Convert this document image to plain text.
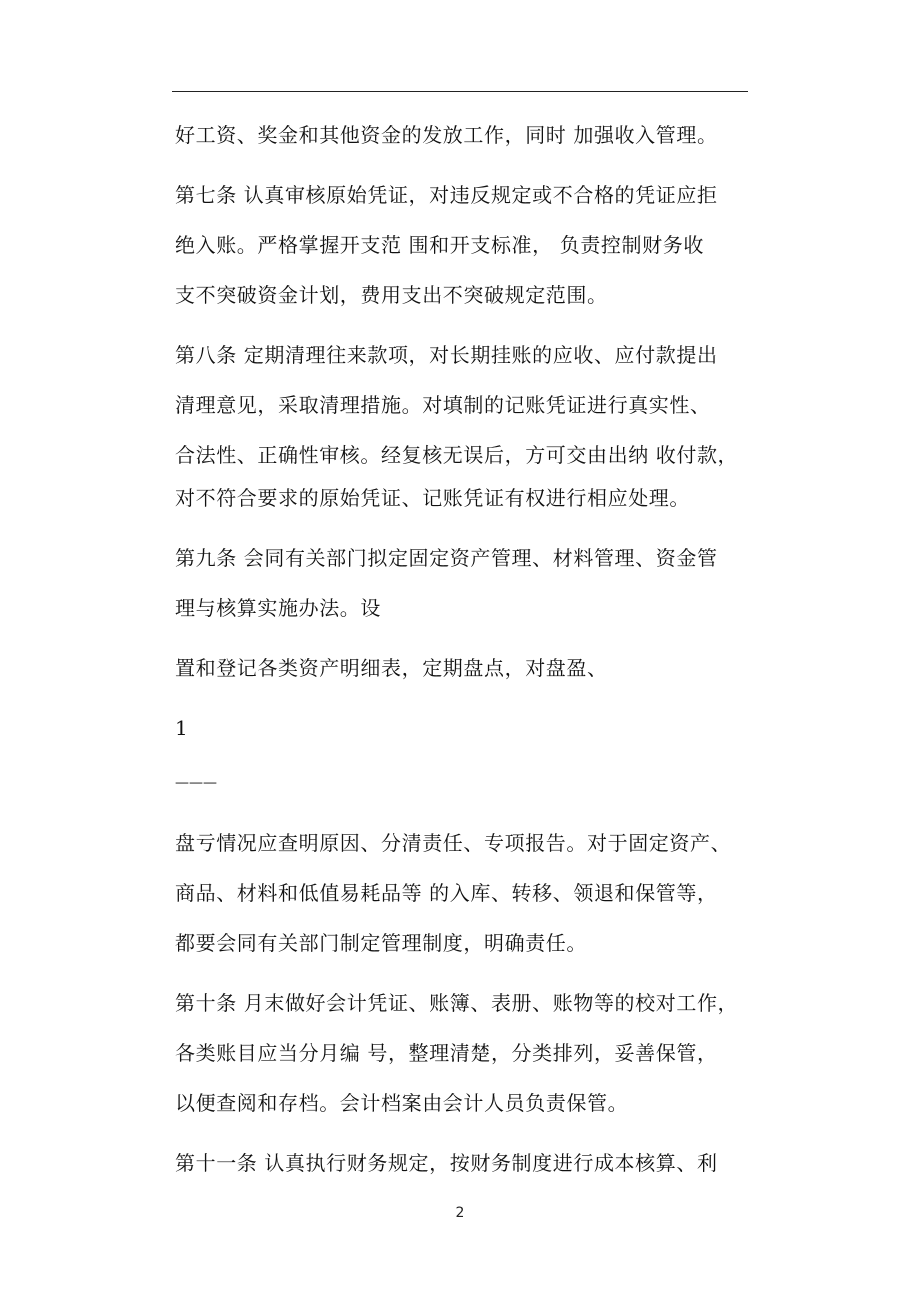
好工资、奖金和其他资金的发放工作，同时 加强收入管理。
第七条 认真审核原始凭证，对违反规定或不合格的凭证应拒
绝入账。严格掌握开支范 围和开支标准， 负责控制财务收
支不突破资金计划，费用支出不突破规定范围。
第八条 定期清理往来款项，对长期挂账的应收、应付款提出
清理意见，采取清理措施。对填制的记账凭证进行真实性、
合法性、正确性审核。经复核无误后，方可交由出纳 收付款，
对不符合要求的原始凭证、记账凭证有权进行相应处理。
第九条 会同有关部门拟定固定资产管理、材料管理、资金管
理与核算实施办法。设
置和登记各类资产明细表，定期盘点，对盘盈、
1
———
盘亏情况应查明原因、分清责任、专项报告。对于固定资产、
商品、材料和低值易耗品等 的入库、转移、领退和保管等，
都要会同有关部门制定管理制度，明确责任。
第十条 月末做好会计凭证、账簿、表册、账物等的校对工作，
各类账目应当分月编 号，整理清楚，分类排列，妥善保管，
以便查阅和存档。会计档案由会计人员负责保管。
第十一条 认真执行财务规定，按财务制度进行成本核算、利
2
